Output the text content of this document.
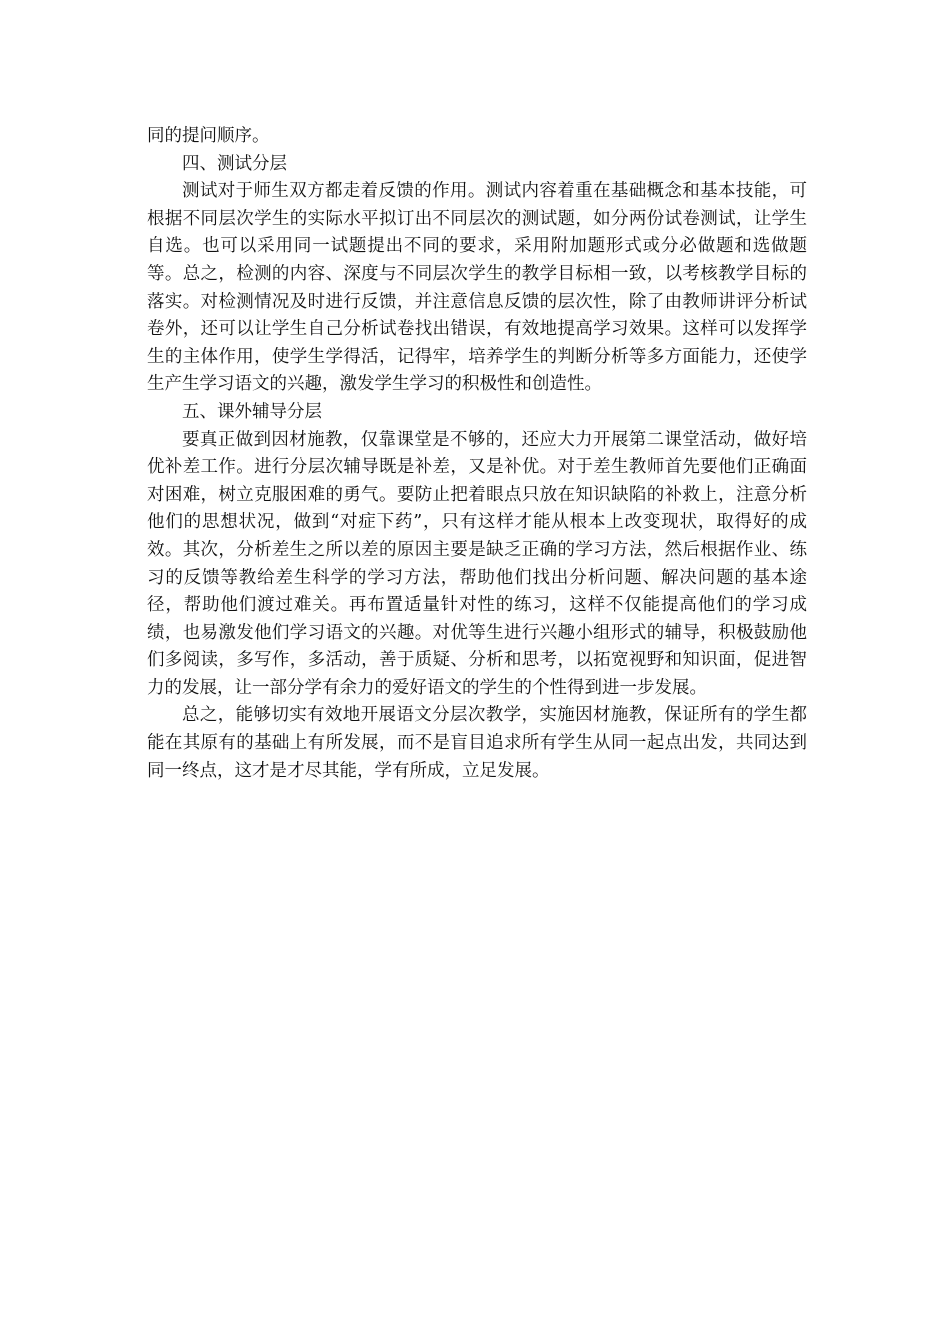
同的提问顺序。

四、测试分层

测试对于师生双方都走着反馈的作用。测试内容着重在基础概念和基本技能，可根据不同层次学生的实际水平拟订出不同层次的测试题，如分两份试卷测试，让学生自选。也可以采用同一试题提出不同的要求，采用附加题形式或分必做题和选做题等。总之，检测的内容、深度与不同层次学生的教学目标相一致，以考核教学目标的落实。对检测情况及时进行反馈，并注意信息反馈的层次性，除了由教师讲评分析试卷外，还可以让学生自己分析试卷找出错误，有效地提高学习效果。这样可以发挥学生的主体作用，使学生学得活，记得牢，培养学生的判断分析等多方面能力，还使学生产生学习语文的兴趣，激发学生学习的积极性和创造性。

五、课外辅导分层

要真正做到因材施教，仅靠课堂是不够的，还应大力开展第二课堂活动，做好培优补差工作。进行分层次辅导既是补差，又是补优。对于差生教师首先要他们正确面对困难，树立克服困难的勇气。要防止把着眼点只放在知识缺陷的补救上，注意分析他们的思想状况，做到“对症下药”，只有这样才能从根本上改变现状，取得好的成效。其次，分析差生之所以差的原因主要是缺乏正确的学习方法，然后根据作业、练习的反馈等教给差生科学的学习方法，帮助他们找出分析问题、解决问题的基本途径，帮助他们渡过难关。再布置适量针对性的练习，这样不仅能提高他们的学习成绩，也易激发他们学习语文的兴趣。对优等生进行兴趣小组形式的辅导，积极鼓励他们多阅读，多写作，多活动，善于质疑、分析和思考，以拓宽视野和知识面，促进智力的发展，让一部分学有余力的爱好语文的学生的个性得到进一步发展。

总之，能够切实有效地开展语文分层次教学，实施因材施教，保证所有的学生都能在其原有的基础上有所发展，而不是盲目追求所有学生从同一起点出发，共同达到同一终点，这才是才尽其能，学有所成，立足发展。
